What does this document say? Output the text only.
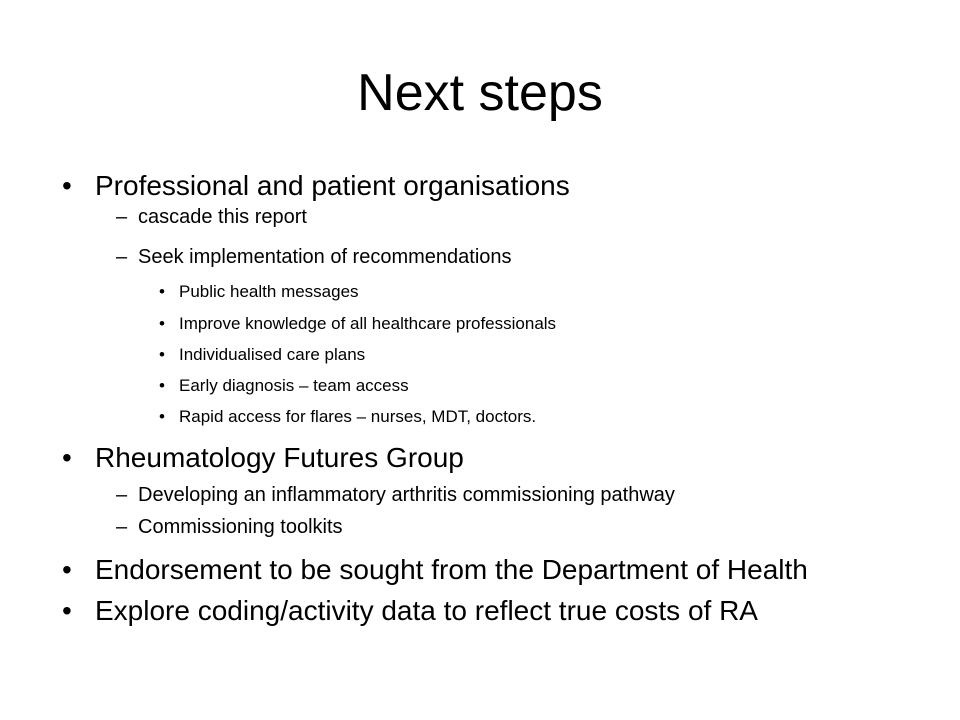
Next steps
• Professional and patient organisations
– cascade this report
– Seek implementation of recommendations
• Public health messages
• Improve knowledge of all healthcare professionals
• Individualised care plans
• Early diagnosis – team access
• Rapid access for flares – nurses, MDT, doctors.
• Rheumatology Futures Group
– Developing an inflammatory arthritis commissioning pathway
– Commissioning toolkits
• Endorsement to be sought from the Department of Health
• Explore coding/activity data to reflect true costs of RA
